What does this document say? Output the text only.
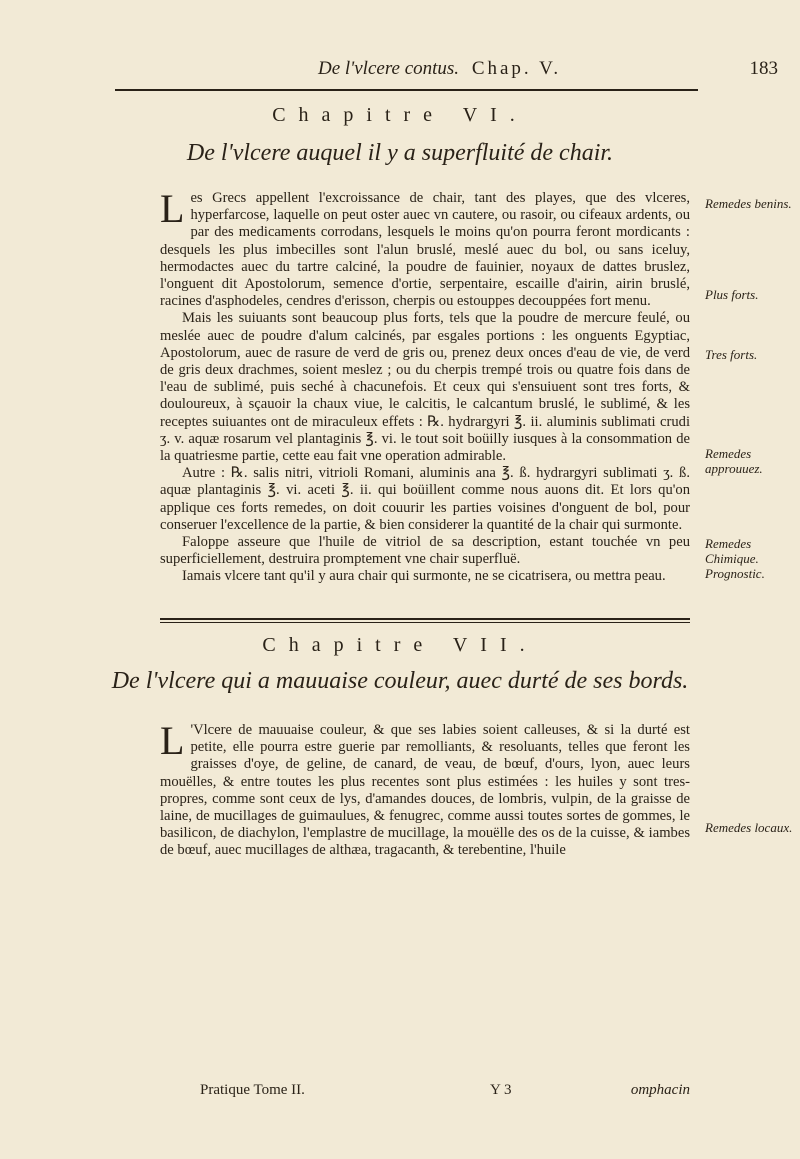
De l'vlcere contus. Chap. V.	183
Chapitre VI.
De l'vlcere auquel il y a superfluité de chair.

Les Grecs appellent l'excroissance de chair, tant des playes, que des vlceres, hyperfarcose, laquelle on peut oster auec vn cautere, ou rasoir, ou cifeaux ardents, ou par des medicaments corrodans, lesquels le moins qu'on pourra feront mordicants : desquels les plus imbecilles sont l'alun bruslé, meslé auec du bol, ou sans iceluy, hermodactes auec du tartre calciné, la poudre de fauinier, noyaux de dattes bruslez, l'onguent dit Apostolorum, semence d'ortie, serpentaire, escaille d'airin, airin bruslé, racines d'asphodeles, cendres d'erisson, cherpis ou estouppes decouppées fort menu.

Mais les suiuants sont beaucoup plus forts, tels que la poudre de mercure feulé, ou meslée auec de poudre d'alum calcinés, par esgales portions : les onguents Egyptiac, Apostolorum, auec de rasure de verd de gris ou, prenez deux onces d'eau de vie, de verd de gris deux drachmes, soient meslez ; ou du cherpis trempé trois ou quatre fois dans de l'eau de sublimé, puis seché à chacunefois. Et ceux qui s'ensuiuent sont tres forts, & douloureux, à sçauoir la chaux viue, le calcitis, le calcantum bruslé, le sublimé, & les receptes suiuantes ont de miraculeux effets : ℞. hydrargyri ℥. ii. aluminis sublimati crudi ʒ. v. aquæ rosarum vel plantaginis ℥. vi. le tout soit boüilly iusques à la consommation de la quatriesme partie, cette eau fait vne operation admirable.

Autre : ℞. salis nitri, vitrioli Romani, aluminis ana ℥. ß. hydrargyri sublimati ʒ. ß. aquæ plantaginis ℥. vi. aceti ℥. ii. qui boüillent comme nous auons dit. Et lors qu'on applique ces forts remedes, on doit couurir les parties voisines d'onguent de bol, pour conseruer l'excellence de la partie, & bien considerer la quantité de la chair qui surmonte.

Faloppe asseure que l'huile de vitriol de sa description, estant touchée vn peu superficiellement, destruira promptement vne chair superfluë.

Iamais vlcere tant qu'il y aura chair qui surmonte, ne se cicatrisera, ou mettra peau.

Remedes benins.
Plus forts.
Tres forts.
Remedes approuuez.
Remedes Chimique. Prognostic.
Chapitre VII.
De l'vlcere qui a mauuaise couleur, auec durté de ses bords.

L 'Vlcere de mauuaise couleur, & que ses labies soient calleuses, & si la durté est petite, elle pourra estre guerie par remolliants, & resoluants, telles que feront les graisses d'oye, de geline, de canard, de veau, de bœuf, d'ours, lyon, auec leurs mouëlles, & entre toutes les plus recentes sont plus estimées : les huiles y sont tres-propres, comme sont ceux de lys, d'amandes douces, de lombris, vulpin, de la graisse de laine, de mucillages de guimaulues, & fenugrec, comme aussi toutes sortes de gommes, le basilicon, de diachylon, l'emplastre de mucillage, la mouëlle des os de la cuisse, & iambes de bœuf, auec mucillages de althæa, tragacanth, & terebentine, l'huile

Remedes locaux.
Pratique Tome II.	Y 3	omphacin
